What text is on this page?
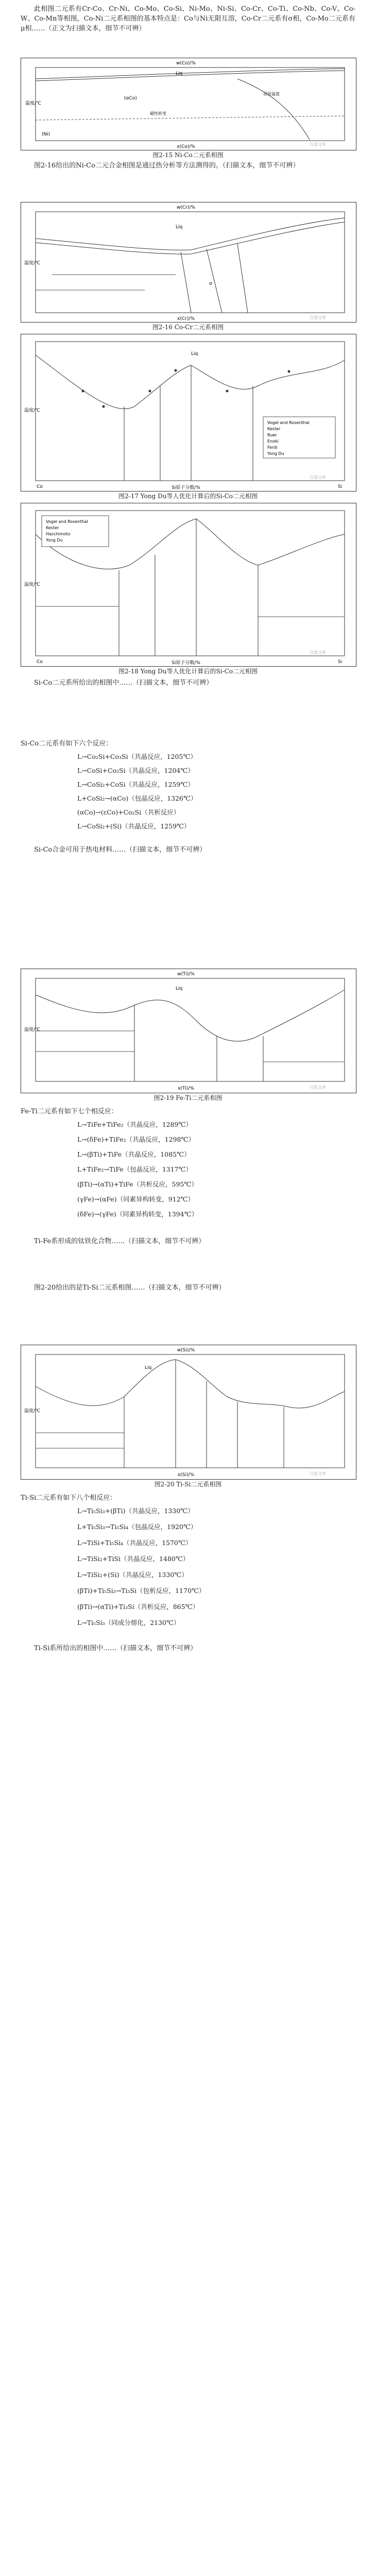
此相图二元系有Cr-Co、Cr-Ni、Co-Mo、Co-Si、Ni-Mo、Ni-Si、Co-Cr、Co-Ti、Co-Nb、Co-V、Co-W、Co-Mn等相图，Co-Ni二元系相图的基本特点是：Co与Ni无限互溶，Co-Cr二元系有σ相，Co-Mo二元系有μ相……（正文为扫描文本，细节不可辨）
w(Co)/%
温度/℃
x(Co)/%
Liq
(αCo)
(Ni)
居里温度
磁性转变
百度文库
图2-15 Ni-Co二元系相图
图2-16给出的Ni-Co二元合金相图是通过热分析等方法测得的。（扫描文本，细节不可辨）
w(Cr)/%
温度/℃
x(Cr)/%
Liq
σ
百度文库
图2-16 Co-Cr二元系相图
Vogel and Rosenthal
Kester
Ruer
Enoki
Ferdi
Yong Du
温度/℃
Si原子分数/%
Liq
Co	Si
百度文库
图2-17 Yong Du等人优化计算后的Si-Co二元相图
Vogel and Rosenthal
Kester
Haschimoto
Yong Du
温度/℃
Si原子分数/%
Co	Si
百度文库
图2-18 Yong Du等人优化计算后的Si-Co二元相图
Si-Co二元系所给出的相图中……（扫描文本，细节不可辨）
Si-Co二元系有如下六个反应：
L→Co₂Si+Co₃Si（共晶反应，1205℃）
L→CoSi+Co₂Si（共晶反应，1204℃）
L→CoSi₂+CoSi（共晶反应，1259℃）
L+CoSi₂→(αCo)（包晶反应，1326℃）
(αCo)→(εCo)+Co₂Si（共析反应）
L→CoSi₂+(Si)（共晶反应，1259℃）
Si-Co合金可用于热电材料……（扫描文本，细节不可辨）
w(Ti)/%
温度/℃
x(Ti)/%
Liq
百度文库
图2-19 Fe-Ti二元系相图
Fe-Ti二元系有如下七个相反应：
L→TiFe+TiFe₂（共晶反应，1289℃）
L→(δFe)+TiFe₂（共晶反应，1298℃）
L→(βTi)+TiFe（共晶反应，1085℃）
L+TiFe₂→TiFe（包晶反应，1317℃）
(βTi)→(αTi)+TiFe（共析反应，595℃）
(γFe)→(αFe)（同素异构转变，912℃）
(δFe)→(γFe)（同素异构转变，1394℃）
Ti-Fe系形成的钛铁化合物……（扫描文本，细节不可辨）
图2-20给出的是Ti-Si二元系相图……（扫描文本，细节不可辨）
w(Si)/%
温度/℃
x(Si)/%
Liq
百度文库
图2-20 Ti-Si二元系相图
Ti-Si二元系有如下八个相反应：
L→Ti₅Si₃+(βTi)（共晶反应，1330℃）
L+Ti₅Si₃→Ti₅Si₄（包晶反应，1920℃）
L→TiSi+Ti₅Si₄（共晶反应，1570℃）
L→TiSi₂+TiSi（共晶反应，1480℃）
L→TiSi₂+(Si)（共晶反应，1330℃）
(βTi)+Ti₅Si₃→Ti₃Si（包析反应，1170℃）
(βTi)→(αTi)+Ti₃Si（共析反应，865℃）
L→Ti₅Si₃（同成分熔化，2130℃）
Ti-Si系所给出的相图中……（扫描文本，细节不可辨）
